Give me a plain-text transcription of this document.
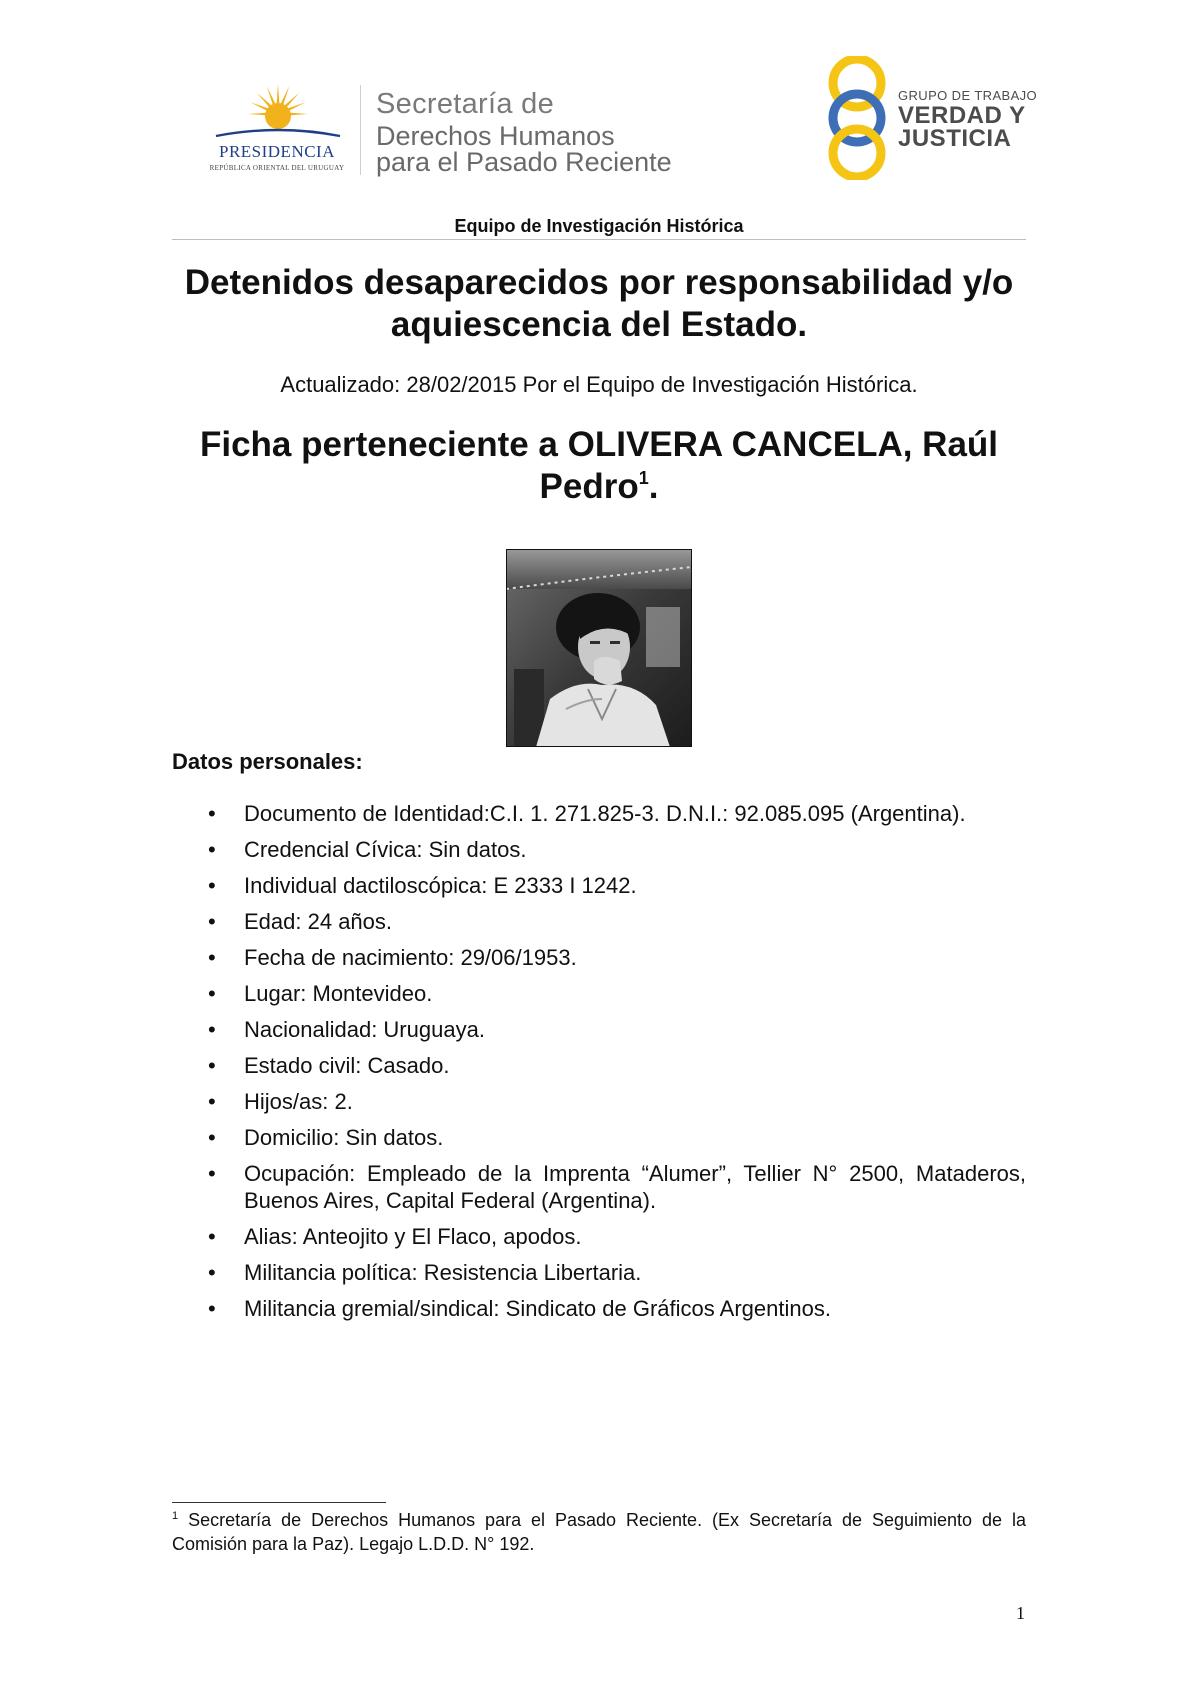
PRESIDENCIA
REPÚBLICA ORIENTAL DEL URUGUAY
Secretaría de
Derechos Humanos
para el Pasado Reciente
GRUPO DE TRABAJO
VERDAD Y
JUSTICIA
Equipo de Investigación Histórica
Detenidos desaparecidos por responsabilidad y/o aquiescencia del Estado.
Actualizado: 28/02/2015 Por el Equipo de Investigación Histórica.
Ficha perteneciente a OLIVERA CANCELA, Raúl Pedro$^1$.
Datos personales:
• Documento de Identidad:C.I. 1. 271.825-3. D.N.I.: 92.085.095 (Argentina).
• Credencial Cívica: Sin datos.
• Individual dactiloscópica: E 2333 I 1242.
• Edad: 24 años.
• Fecha de nacimiento: 29/06/1953.
• Lugar: Montevideo.
• Nacionalidad: Uruguaya.
• Estado civil: Casado.
• Hijos/as: 2.
• Domicilio: Sin datos.
• Ocupación: Empleado de la Imprenta “Alumer”, Tellier N° 2500, Mataderos, Buenos Aires, Capital Federal (Argentina).
• Alias: Anteojito y El Flaco, apodos.
• Militancia política: Resistencia Libertaria.
• Militancia gremial/sindical: Sindicato de Gráficos Argentinos.
$^1$ Secretaría de Derechos Humanos para el Pasado Reciente. (Ex Secretaría de Seguimiento de la Comisión para la Paz). Legajo L.D.D. N° 192.
1
